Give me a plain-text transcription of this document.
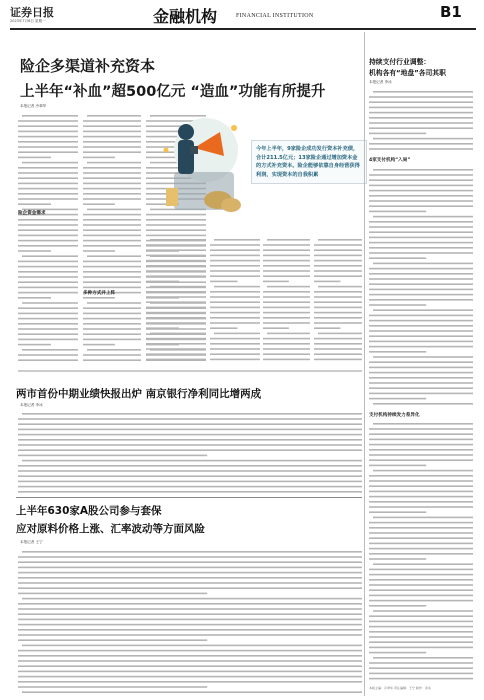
证券日报
2023年7月6日 星期一	金融机构	FINANCIAL INSTITUTION	B1
险企多渠道补充资本
上半年“补血”超500亿元 “造血”功能有所提升
本报记者 冷翠华
险企资金需求
多种方式并上阵
今年上半年，9家险企成功发行资本补充债，合计211.5亿元；13家险企通过增加资本金的方式补充资本。险企能够依靠自身经营获得利润，实现资本的自我积累
两市首份中期业绩快报出炉 南京银行净利同比增两成
本报记者 李冰
上半年630家A股公司参与套保
应对原料价格上涨、汇率波动等方面风险
本报记者 王宁
持续支付行业调整：
机构各有“地盘”各司其职
本报记者 李冰
4家支付机构“入局”
支付机构持续发力差异化
本版主编：冷翠华 责任编辑：王宁 制作：李冰
